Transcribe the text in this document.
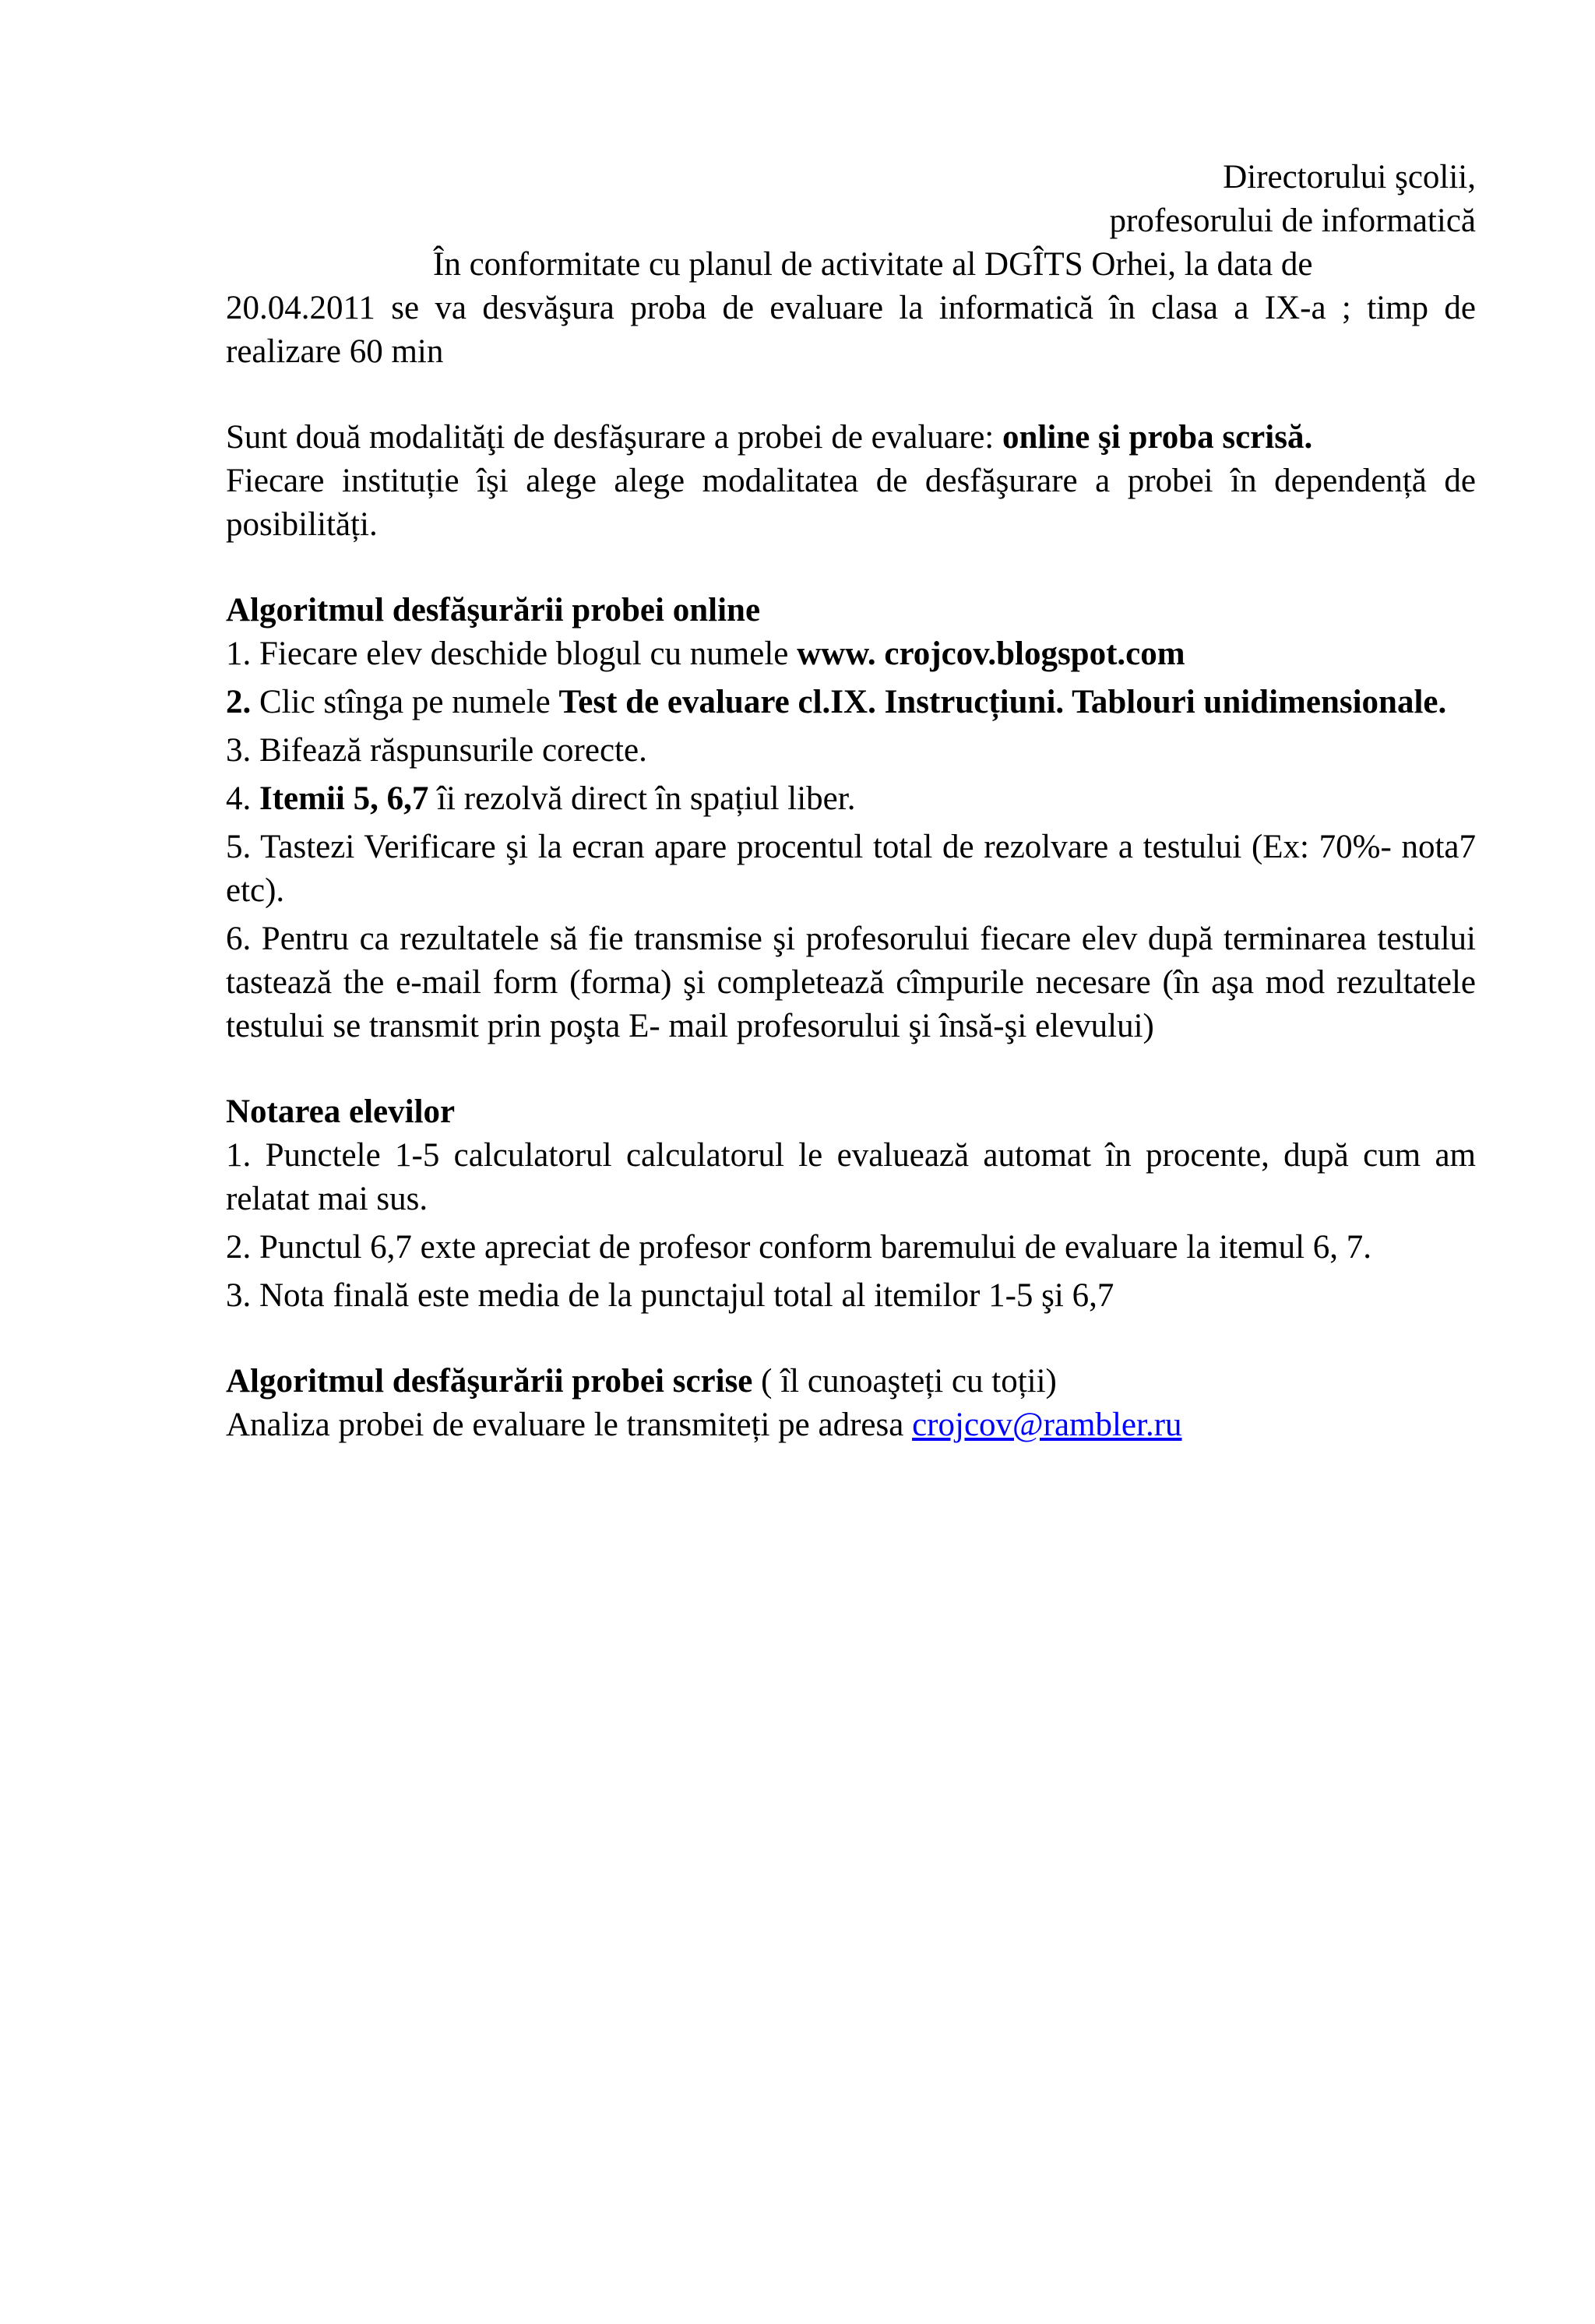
Directorului şcolii,

profesorului de informatică

În conformitate cu planul de activitate al DGÎTS Orhei, la data de

20.04.2011 se va desvăşura proba de evaluare la informatică în clasa a IX-a ; timp de realizare 60 min

Sunt două modalităţi de desfăşurare a probei de evaluare: online şi proba scrisă.
Fiecare instituție îşi alege alege modalitatea de desfăşurare a probei în dependență de posibilități.

Algoritmul desfăşurării probei online

1. Fiecare elev deschide blogul cu numele www. crojcov.blogspot.com

2. Clic stînga pe numele Test de evaluare cl.IX. Instrucțiuni. Tablouri unidimensionale.

3. Bifează răspunsurile corecte.

4. Itemii 5, 6,7 îi rezolvă direct în spațiul liber.

5. Tastezi Verificare şi la ecran apare procentul total de rezolvare a testului (Ex: 70%- nota7 etc).

6. Pentru ca rezultatele să fie transmise şi profesorului fiecare elev după terminarea testului tastează the e-mail form (forma) şi completează cîmpurile necesare (în aşa mod rezultatele testului se transmit prin poşta E- mail profesorului şi însă-şi elevului)

Notarea elevilor

1. Punctele 1-5 calculatorul calculatorul le evaluează automat în procente, după cum am relatat mai sus.

2. Punctul 6,7 exte apreciat de profesor conform baremului de evaluare la itemul 6, 7.

3. Nota finală este media de la punctajul total al itemilor 1-5 şi 6,7

Algoritmul desfăşurării probei scrise ( îl cunoaşteți cu toții)

Analiza probei de evaluare le transmiteți pe adresa crojcov@rambler.ru
